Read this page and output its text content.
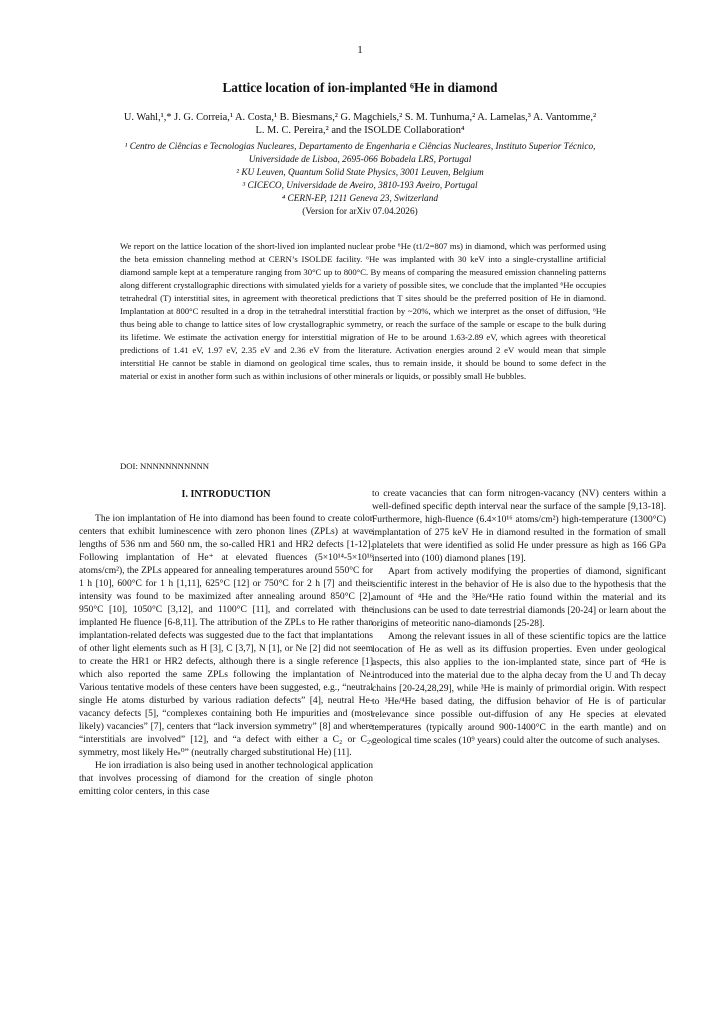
1
Lattice location of ion-implanted ⁶He in diamond
U. Wahl,¹,* J. G. Correia,¹ A. Costa,¹ B. Biesmans,² G. Magchiels,² S. M. Tunhuma,² A. Lamelas,³ A. Vantomme,²
L. M. C. Pereira,² and the ISOLDE Collaboration⁴
¹ Centro de Ciências e Tecnologias Nucleares, Departamento de Engenharia e Ciências Nucleares, Instituto Superior Técnico,
Universidade de Lisboa, 2695-066 Bobadela LRS, Portugal
² KU Leuven, Quantum Solid State Physics, 3001 Leuven, Belgium
³ CICECO, Universidade de Aveiro, 3810-193 Aveiro, Portugal
⁴ CERN-EP, 1211 Geneva 23, Switzerland
(Version for arXiv 07.04.2026)

We report on the lattice location of the short-lived ion implanted nuclear probe ⁶He (t1/2=807 ms) in diamond, which was performed using the beta emission channeling method at CERN’s ISOLDE facility. ⁶He was implanted with 30 keV into a single-crystalline artificial diamond sample kept at a temperature ranging from 30°C up to 800°C. By means of comparing the measured emission channeling patterns along different crystallographic directions with simulated yields for a variety of possible sites, we conclude that the implanted ⁶He occupies tetrahedral (T) interstitial sites, in agreement with theoretical predictions that T sites should be the preferred position of He in diamond. Implantation at 800°C resulted in a drop in the tetrahedral interstitial fraction by ~20%, which we interpret as the onset of diffusion, ⁶He thus being able to change to lattice sites of low crystallographic symmetry, or reach the surface of the sample or escape to the bulk during its lifetime. We estimate the activation energy for interstitial migration of He to be around 1.63-2.89 eV, which agrees with theoretical predictions of 1.41 eV, 1.97 eV, 2.35 eV and 2.36 eV from the literature. Activation energies around 2 eV would mean that simple interstitial He cannot be stable in diamond on geological time scales, thus to remain inside, it should be bound to some defect in the material or exist in another form such as within inclusions of other minerals or liquids, or possibly small He bubbles.

DOI: NNNNNNNNNNN
I. INTRODUCTION

The ion implantation of He into diamond has been found to create color centers that exhibit luminescence with zero phonon lines (ZPLs) at wave lengths of 536 nm and 560 nm, the so-called HR1 and HR2 defects [1-12]. Following implantation of He⁺ at elevated fluences (5×10¹⁴-5×10¹⁶ atoms/cm²), the ZPLs appeared for annealing temperatures around 550°C for 1 h [10], 600°C for 1 h [1,11], 625°C [12] or 750°C for 2 h [7] and their intensity was found to be maximized after annealing around 850°C [2], 950°C [10], 1050°C [3,12], and 1100°C [11], and correlated with the implanted He fluence [6-8,11]. The attribution of the ZPLs to He rather than implantation-related defects was suggested due to the fact that implantations of other light elements such as H [3], C [3,7], N [1], or Ne [2] did not seem to create the HR1 or HR2 defects, although there is a single reference [1] which also reported the same ZPLs following the implantation of Ne. Various tentative models of these centers have been suggested, e.g., “neutral single He atoms disturbed by various radiation defects” [4], neutral He-vacancy defects [5], “complexes containing both He impurities and (most likely) vacancies” [7], centers that “lack inversion symmetry” [8] and where “interstitials are involved” [12], and “a defect with either a C₂ or C₂ᵥ symmetry, most likely Heₛ⁰” (neutrally charged substitutional He) [11].

He ion irradiation is also being used in another technological application that involves processing of diamond for the creation of single photon emitting color centers, in this case

to create vacancies that can form nitrogen-vacancy (NV) centers within a well-defined specific depth interval near the surface of the sample [9,13-18]. Furthermore, high-fluence (6.4×10¹⁶ atoms/cm²) high-temperature (1300°C) implantation of 275 keV He in diamond resulted in the formation of small platelets that were identified as solid He under pressure as high as 166 GPa inserted into (100) diamond planes [19].

Apart from actively modifying the properties of diamond, significant scientific interest in the behavior of He is also due to the hypothesis that the amount of ⁴He and the ³He/⁴He ratio found within the material and its inclusions can be used to date terrestrial diamonds [20-24] or learn about the origins of meteoritic nano-diamonds [25-28].

Among the relevant issues in all of these scientific topics are the lattice location of He as well as its diffusion properties. Even under geological aspects, this also applies to the ion-implanted state, since part of ⁴He is introduced into the material due to the alpha decay from the U and Th decay chains [20-24,28,29], while ³He is mainly of primordial origin. With respect to ³He/⁴He based dating, the diffusion behavior of He is of particular relevance since possible out-diffusion of any He species at elevated temperatures (typically around 900-1400°C in the earth mantle) and on geological time scales (10⁹ years) could alter the outcome of such analyses.
